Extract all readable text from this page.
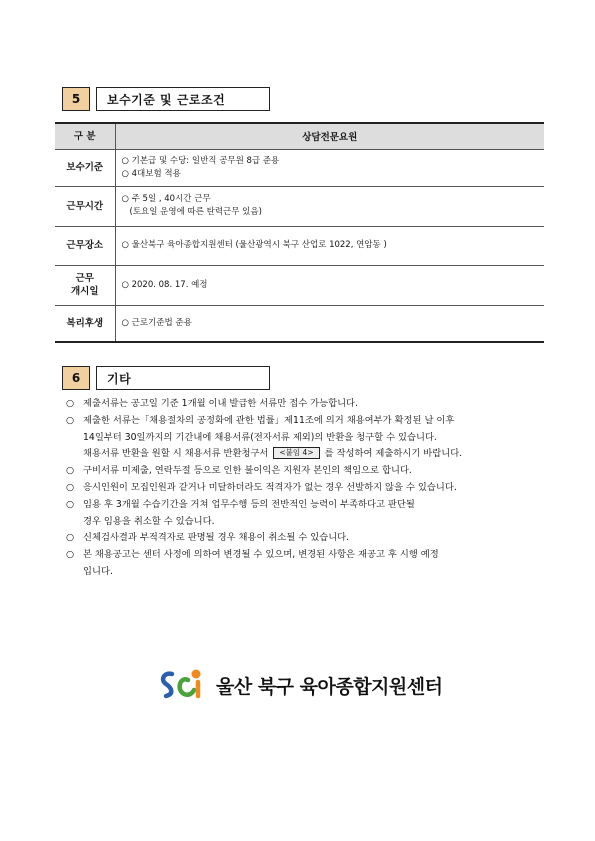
5	보수기준 및 근로조건
구 분	상담전문요원
보수기준	○ 기본급 및 수당: 일반직 공무원 8급 준용
○ 4대보험 적용

근무시간	○ 주 5일 , 40시간 근무
(토요일 운영에 따른 탄력근무 있음)

근무장소	○ 울산북구 육아종합지원센터 (울산광역시 북구 산업로 1022, 연암동 )

근무
개시일	○ 2020. 08. 17. 예정

복리후생	○ 근로기준법 준용
6	기타
○ 제출서류는 공고일 기준 1개월 이내 발급한 서류만 접수 가능합니다.
○ 제출한 서류는「채용절차의 공정화에 관한 법률」제11조에 의거 채용여부가 확정된 날 이후
14일부터 30일까지의 기간내에 채용서류(전자서류 제외)의 반환을 청구할 수 있습니다.
채용서류 반환을 원할 시 채용서류 반환청구서 <붙임 4> 를 작성하여 제출하시기 바랍니다.
○ 구비서류 미제출, 연락두절 등으로 인한 불이익은 지원자 본인의 책임으로 합니다.
○ 응시인원이 모집인원과 같거나 미달하더라도 적격자가 없는 경우 선발하지 않을 수 있습니다.
○ 임용 후 3개월 수습기간을 거쳐 업무수행 등의 전반적인 능력이 부족하다고 판단될
경우 임용을 취소할 수 있습니다.
○ 신체검사결과 부적격자로 판명될 경우 채용이 취소될 수 있습니다.
○ 본 채용공고는 센터 사정에 의하여 변경될 수 있으며, 변경된 사항은 재공고 후 시행 예정
입니다.
울산 북구 육아종합지원센터
